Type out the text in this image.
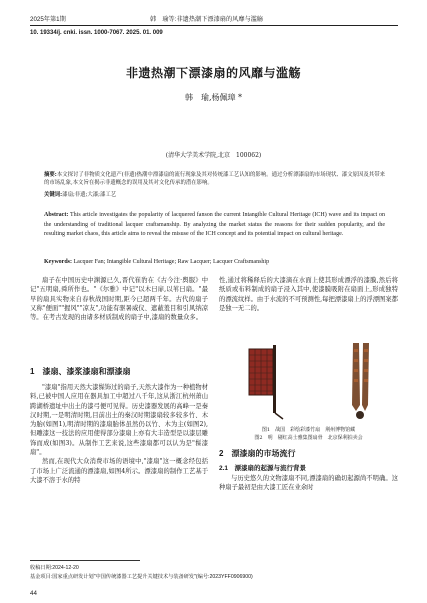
2025年第1期	韩　瑜等:非遗热潮下漂漆扇的风靡与滥觞
10. 19334/j. cnki. issn. 1000-7067. 2025. 01. 009
非遗热潮下漂漆扇的风靡与滥觞
韩　瑜,杨佩璋 *
(清华大学美术学院,北京　100062)
摘要:本文探讨了非物质文化遗产(非遗)热潮中漂漆扇的流行现象及其对传统漆工艺认知的影响。通过分析漂漆扇的市场现状、漆文原因及其带来的市场乱象,本文旨在揭示非遗概念的误用及其对文化传承的潜在影响。
关键词:漆扇;非遗;大漆;漆工艺
Abstract: This article investigates the popularity of lacquered fanson the current Intangible Cultural Heritage (ICH) wave and its impact on the understanding of traditional lacquer craftsmanship. By analyzing the market status the reasons for their sudden popularity, and the resulting market chaos, this article aims to reveal the misuse of the ICH concept and its potential impact on cultural heritage.
Keywords: Lacquer Fan; Intangible Cultural Heritage; Raw Lacquer; Lacquer Craftsmanship

扇子在中国历史中渊源已久,晋代崔豹在《古今注·舆服》中记"五明扇,舜所作也。"《尔雅》中记"以木曰扉,以苇曰扇。"最早的扇具实物来自春秋战国时期,距今已超两千年。古代的扇子又称"便面""握风""凉友",功能有驱暑威仪、遮蔽羞目和引风纳凉等。在考古发现的由诸多材质制成的扇子中,漆扇的数量众多。

1　漆扇、漆浆漆扇和漂漆扇

"漆扇"指用天然大漆髹饰过的扇子,天然大漆作为一种植物材料,已被中国人应用在器具加工中超过八千年,这从浙江杭州萧山跨湖桥遗址中出土的漆弓便可见得。历史漆器发展的高峰一是秦汉时期,一是明清时期,目前出土的秦汉时期漆扇较多较多竹、木为胎(如图1),明清时期的漆扇胎体虽然仍以竹、木为主(如图2),但雕漆这一技法的应用使得部分漆扇上亦有大丰造型是以漆层雕饰而成(如图3)。从制作工艺来说,这些漆扇都可以认为是"髹漆扇"。

然而,在现代大众消费市场的语境中,"漆扇"这一概念经包括了市场上广泛流通的漂漆扇,如图4所示。漂漆扇的制作工艺基于大漆不溶于水的特

性,通过将稀释后的大漆滴在水面上使其形成漂浮的漆膜,然后将纸质或布料制成的扇子浸入其中,使漆膜吸附在扇面上,形成独特的漂流纹样。由于水流的不可预测性,每把漂漆扇上的浮漂图案都是独一无二的。

图1　战国　彩绘彩漆竹扇　荆州博物馆藏
图2　明　剔红高士雅集图扇骨　北京保利拍卖会
2　漂漆扇的市场流行
2.1　漂漆扇的起源与流行背景

与历史悠久的文物漆扇不同,漂漆扇的确切起源尚不明确。这种扇子最初是由大漆工匠在业余时

收稿日期:2024-12-20
基金项目:国家重点研发计划"中国传统漆器工艺提升关键技术与装备研发"(编号:2023YFF0906900)
44
